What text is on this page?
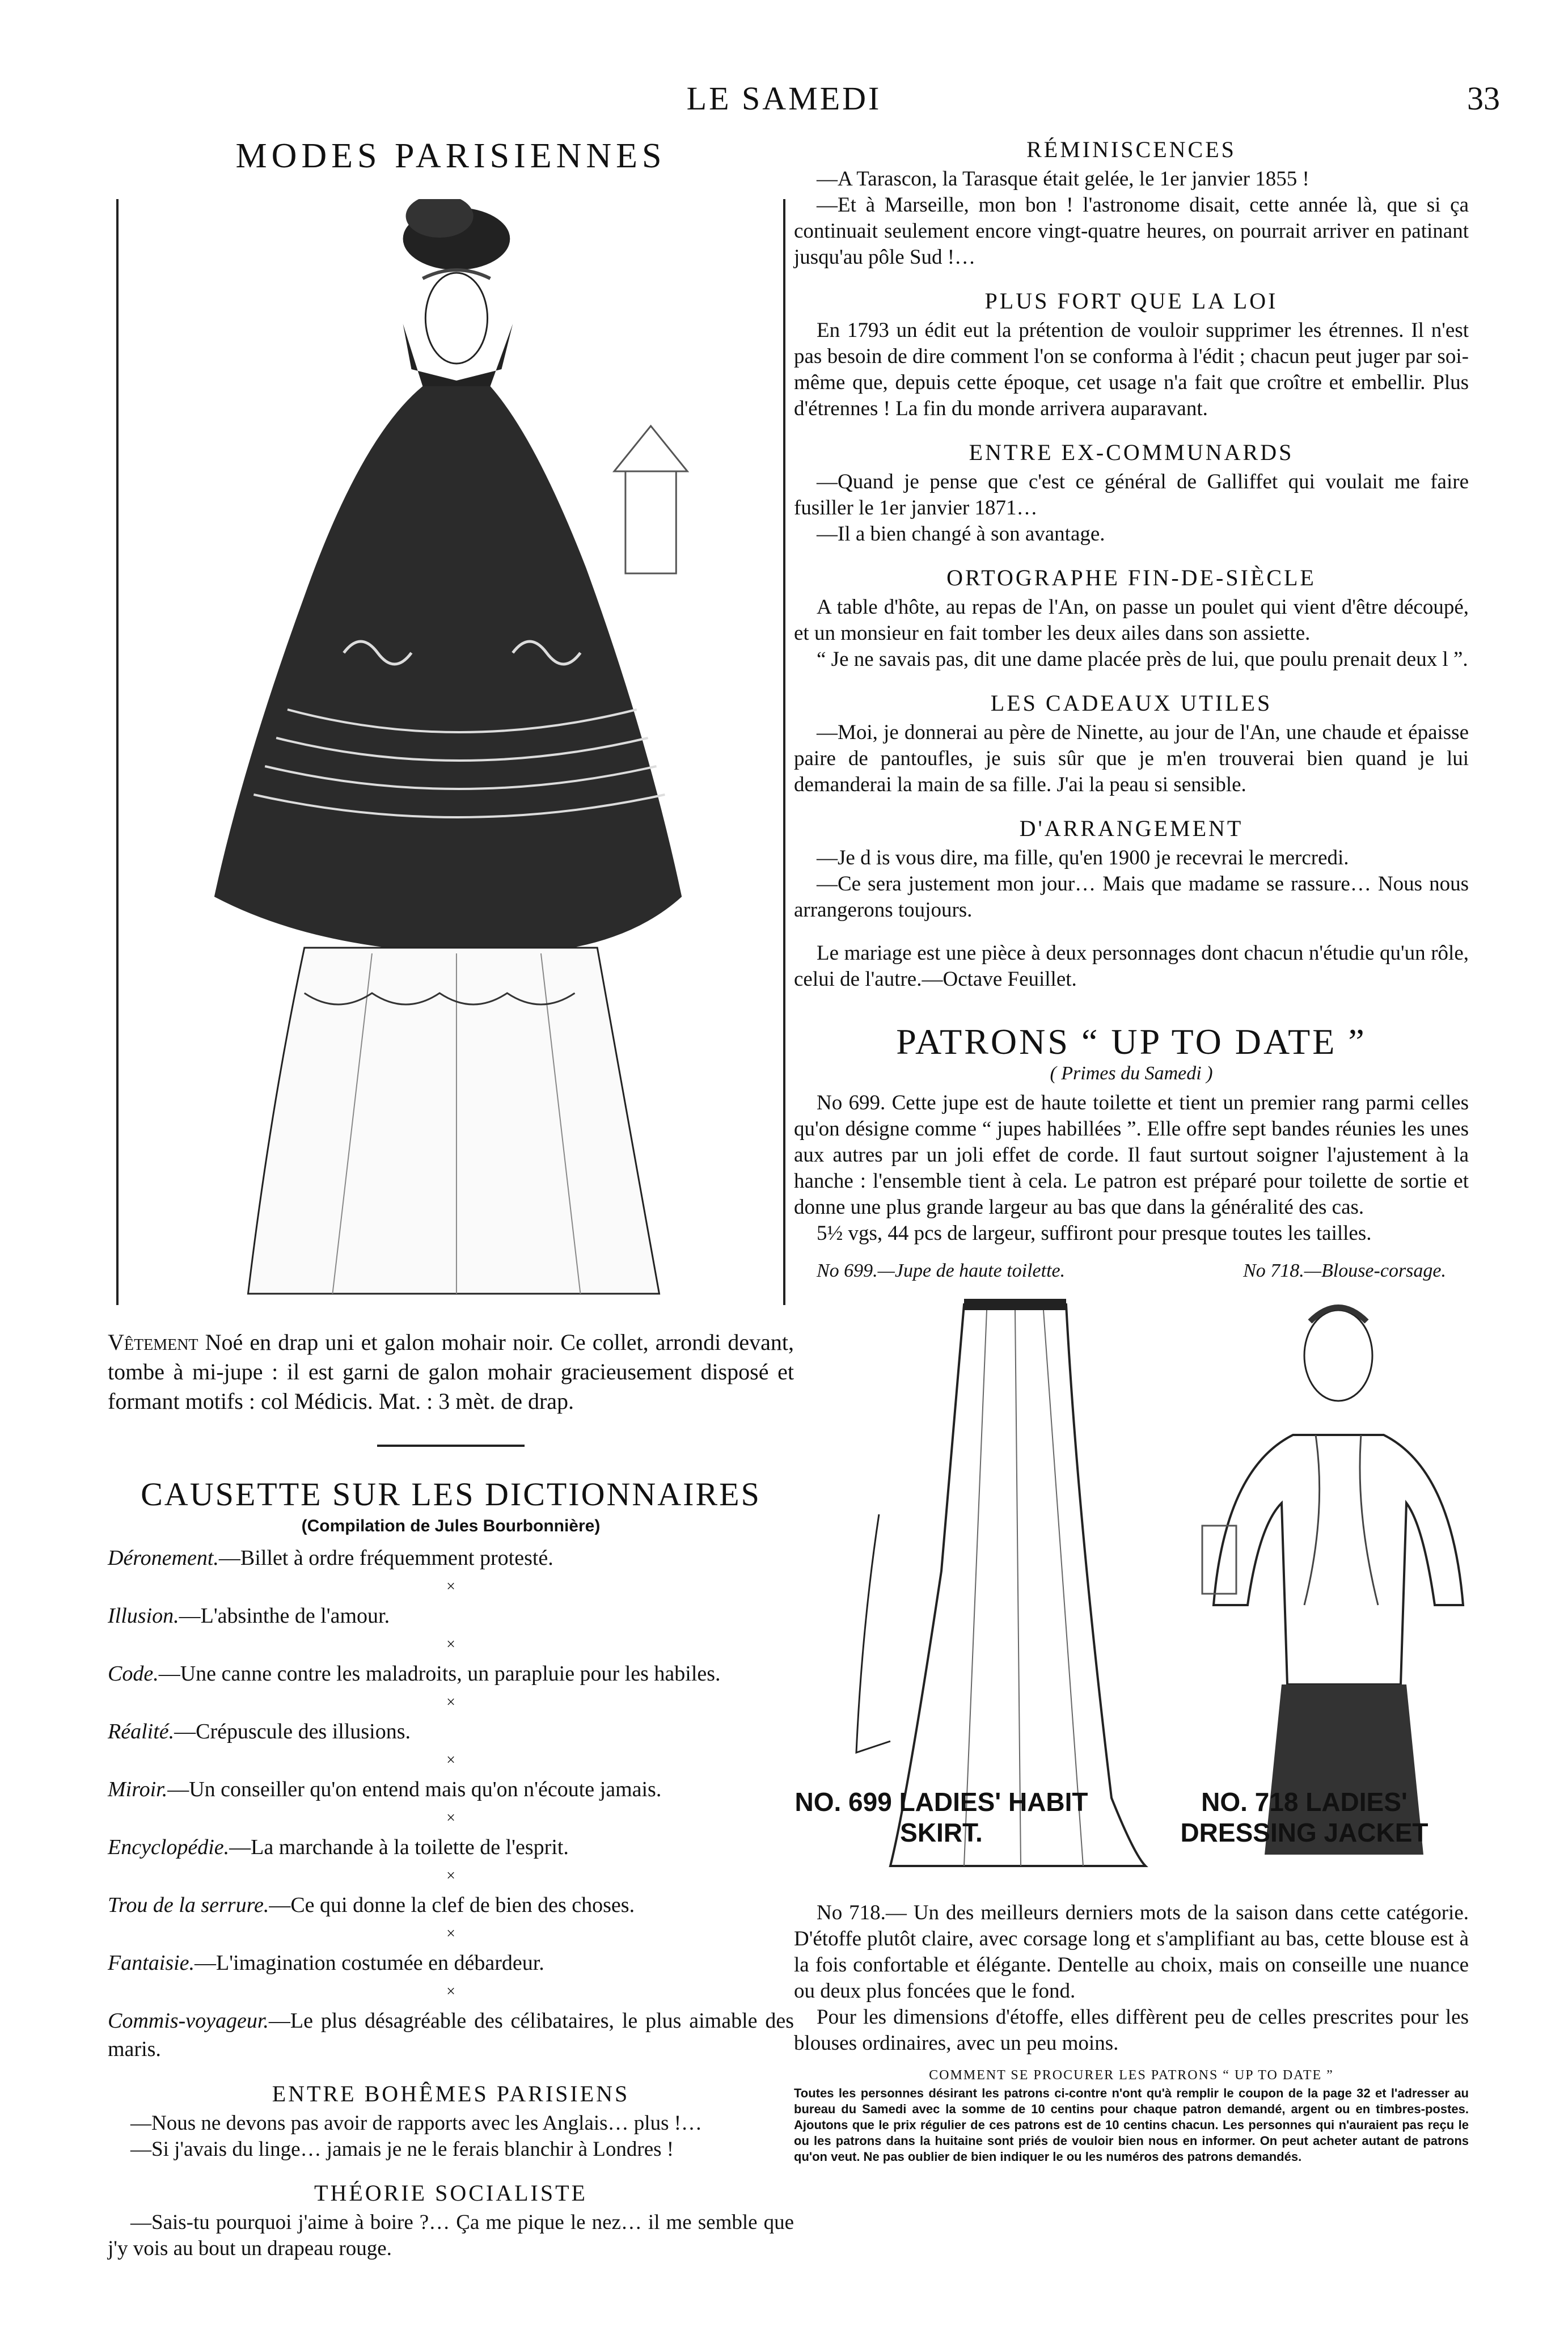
LE SAMEDI	33
MODES PARISIENNES
Vêtement Noé en drap uni et galon mohair noir. Ce collet, arrondi devant, tombe à mi-jupe : il est garni de galon mohair gracieusement disposé et formant motifs : col Médicis. Mat. : 3 mèt. de drap.
CAUSETTE SUR LES DICTIONNAIRES
(Compilation de Jules Bourbonnière)
Déronement.—Billet à ordre fréquemment protesté.
×
Illusion.—L'absinthe de l'amour.
×
Code.—Une canne contre les maladroits, un parapluie pour les habiles.
×
Réalité.—Crépuscule des illusions.
×
Miroir.—Un conseiller qu'on entend mais qu'on n'écoute jamais.
×
Encyclopédie.—La marchande à la toilette de l'esprit.
×
Trou de la serrure.—Ce qui donne la clef de bien des choses.
×
Fantaisie.—L'imagination costumée en débardeur.
×
Commis-voyageur.—Le plus désagréable des célibataires, le plus aimable des maris.
ENTRE BOHÊMES PARISIENS

—Nous ne devons pas avoir de rapports avec les Anglais… plus !…

—Si j'avais du linge… jamais je ne le ferais blanchir à Londres !

THÉORIE SOCIALISTE

—Sais-tu pourquoi j'aime à boire ?… Ça me pique le nez… il me semble que j'y vois au bout un drapeau rouge.

RÉMINISCENCES

—A Tarascon, la Tarasque était gelée, le 1er janvier 1855 !

—Et à Marseille, mon bon ! l'astronome disait, cette année là, que si ça continuait seulement encore vingt-quatre heures, on pourrait arriver en patinant jusqu'au pôle Sud !…

PLUS FORT QUE LA LOI

En 1793 un édit eut la prétention de vouloir supprimer les étrennes. Il n'est pas besoin de dire comment l'on se conforma à l'édit ; chacun peut juger par soi-même que, depuis cette époque, cet usage n'a fait que croître et embellir. Plus d'étrennes ! La fin du monde arrivera auparavant.

ENTRE EX-COMMUNARDS

—Quand je pense que c'est ce général de Galliffet qui voulait me faire fusiller le 1er janvier 1871…

—Il a bien changé à son avantage.

ORTOGRAPHE FIN-DE-SIÈCLE

A table d'hôte, au repas de l'An, on passe un poulet qui vient d'être découpé, et un monsieur en fait tomber les deux ailes dans son assiette.

“ Je ne savais pas, dit une dame placée près de lui, que poulu prenait deux l ”.

LES CADEAUX UTILES

—Moi, je donnerai au père de Ninette, au jour de l'An, une chaude et épaisse paire de pantoufles, je suis sûr que je m'en trouverai bien quand je lui demanderai la main de sa fille. J'ai la peau si sensible.

D'ARRANGEMENT

—Je d is vous dire, ma fille, qu'en 1900 je recevrai le mercredi.

—Ce sera justement mon jour… Mais que madame se rassure… Nous nous arrangerons toujours.

Le mariage est une pièce à deux personnages dont chacun n'étudie qu'un rôle, celui de l'autre.—Octave Feuillet.

PATRONS “ UP TO DATE ”
( Primes du Samedi )

No 699. Cette jupe est de haute toilette et tient un premier rang parmi celles qu'on désigne comme “ jupes habillées ”. Elle offre sept bandes réunies les unes aux autres par un joli effet de corde. Il faut surtout soigner l'ajustement à la hanche : l'ensemble tient à cela. Le patron est préparé pour toilette de sortie et donne une plus grande largeur au bas que dans la généralité des cas.

5½ vgs, 44 pcs de largeur, suffiront pour presque toutes les tailles.

No 699.—Jupe de haute toilette.	No 718.—Blouse-corsage.
NO. 699 LADIES' HABIT SKIRT.
NO. 718 LADIES' DRESSING JACKET

No 718.— Un des meilleurs derniers mots de la saison dans cette catégorie. D'étoffe plutôt claire, avec corsage long et s'amplifiant au bas, cette blouse est à la fois confortable et élégante. Dentelle au choix, mais on conseille une nuance ou deux plus foncées que le fond.

Pour les dimensions d'étoffe, elles diffèrent peu de celles prescrites pour les blouses ordinaires, avec un peu moins.

COMMENT SE PROCURER LES PATRONS “ UP TO DATE ”
Toutes les personnes désirant les patrons ci-contre n'ont qu'à remplir le coupon de la page 32 et l'adresser au bureau du Samedi avec la somme de 10 centins pour chaque patron demandé, argent ou en timbres-postes. Ajoutons que le prix régulier de ces patrons est de 10 centins chacun. Les personnes qui n'auraient pas reçu le ou les patrons dans la huitaine sont priés de vouloir bien nous en informer. On peut acheter autant de patrons qu'on veut. Ne pas oublier de bien indiquer le ou les numéros des patrons demandés.
